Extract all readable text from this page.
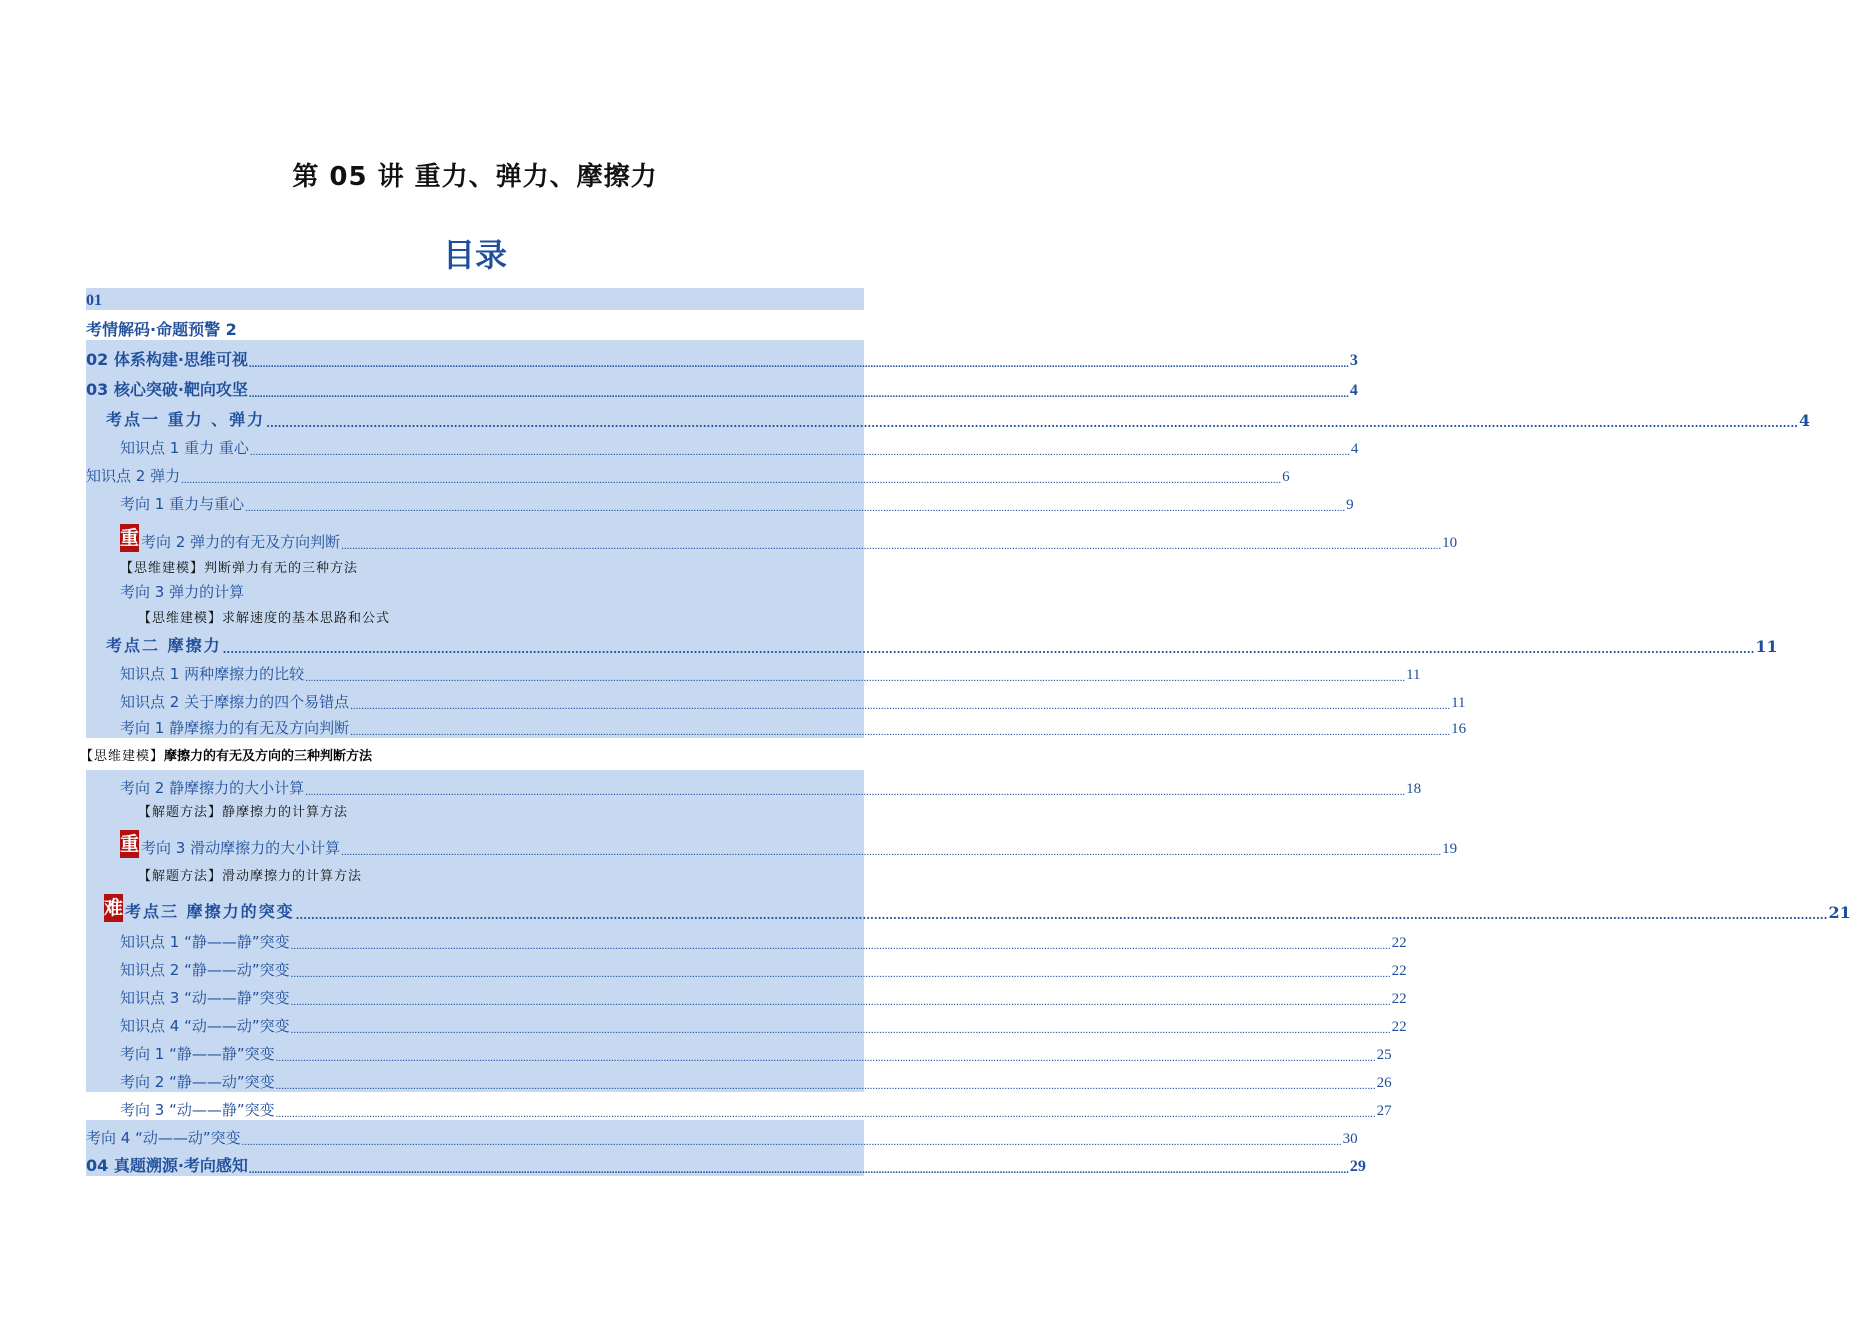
第 05 讲 重力、弹力、摩擦力
目录
01
考情解码·命题预警 2
02 体系构建·思维可视 ................................................................................................................................................................................................................................................................................................................................................................................................................ 3
03 核心突破·靶向攻坚 ................................................................................................................................................................................................................................................................................................................................................................................................................ 4
考点一 重力 、弹力 ................................................................................................................................................................................................................................................................................................................................................................................................................ 4
知识点 1 重力 重心 ................................................................................................................................................................................................................................................................................................................................................................................................................ 4
知识点 2 弹力 ................................................................................................................................................................................................................................................................................................................................................................................................................ 6
考向 1 重力与重心 ................................................................................................................................................................................................................................................................................................................................................................................................................ 9
重 考向 2 弹力的有无及方向判断 ................................................................................................................................................................................................................................................................................................................................................................................................................ 10
【思维建模】判断弹力有无的三种方法
考向 3 弹力的计算
【思维建模】求解速度的基本思路和公式
考点二 摩擦力 ................................................................................................................................................................................................................................................................................................................................................................................................................ 11
知识点 1 两种摩擦力的比较 ................................................................................................................................................................................................................................................................................................................................................................................................................ 11
知识点 2 关于摩擦力的四个易错点 ................................................................................................................................................................................................................................................................................................................................................................................................................ 11
考向 1 静摩擦力的有无及方向判断 ................................................................................................................................................................................................................................................................................................................................................................................................................ 16
【思维建模】 摩擦力的有无及方向的三种判断方法
考向 2 静摩擦力的大小计算 ................................................................................................................................................................................................................................................................................................................................................................................................................ 18
【解题方法】静摩擦力的计算方法
重 考向 3 滑动摩擦力的大小计算 ................................................................................................................................................................................................................................................................................................................................................................................................................ 19
【解题方法】滑动摩擦力的计算方法
难 考点三 摩擦力的突变 ................................................................................................................................................................................................................................................................................................................................................................................................................ 21
知识点 1 “静——静”突变 ................................................................................................................................................................................................................................................................................................................................................................................................................ 22
知识点 2 “静——动”突变 ................................................................................................................................................................................................................................................................................................................................................................................................................ 22
知识点 3 “动——静”突变 ................................................................................................................................................................................................................................................................................................................................................................................................................ 22
知识点 4 “动——动”突变 ................................................................................................................................................................................................................................................................................................................................................................................................................ 22
考向 1 “静——静”突变 ................................................................................................................................................................................................................................................................................................................................................................................................................ 25
考向 2 “静——动”突变 ................................................................................................................................................................................................................................................................................................................................................................................................................ 26
考向 3 “动——静”突变 ................................................................................................................................................................................................................................................................................................................................................................................................................ 27
考向 4 “动——动”突变 ................................................................................................................................................................................................................................................................................................................................................................................................................ 30
04 真题溯源·考向感知 ................................................................................................................................................................................................................................................................................................................................................................................................................ 29
